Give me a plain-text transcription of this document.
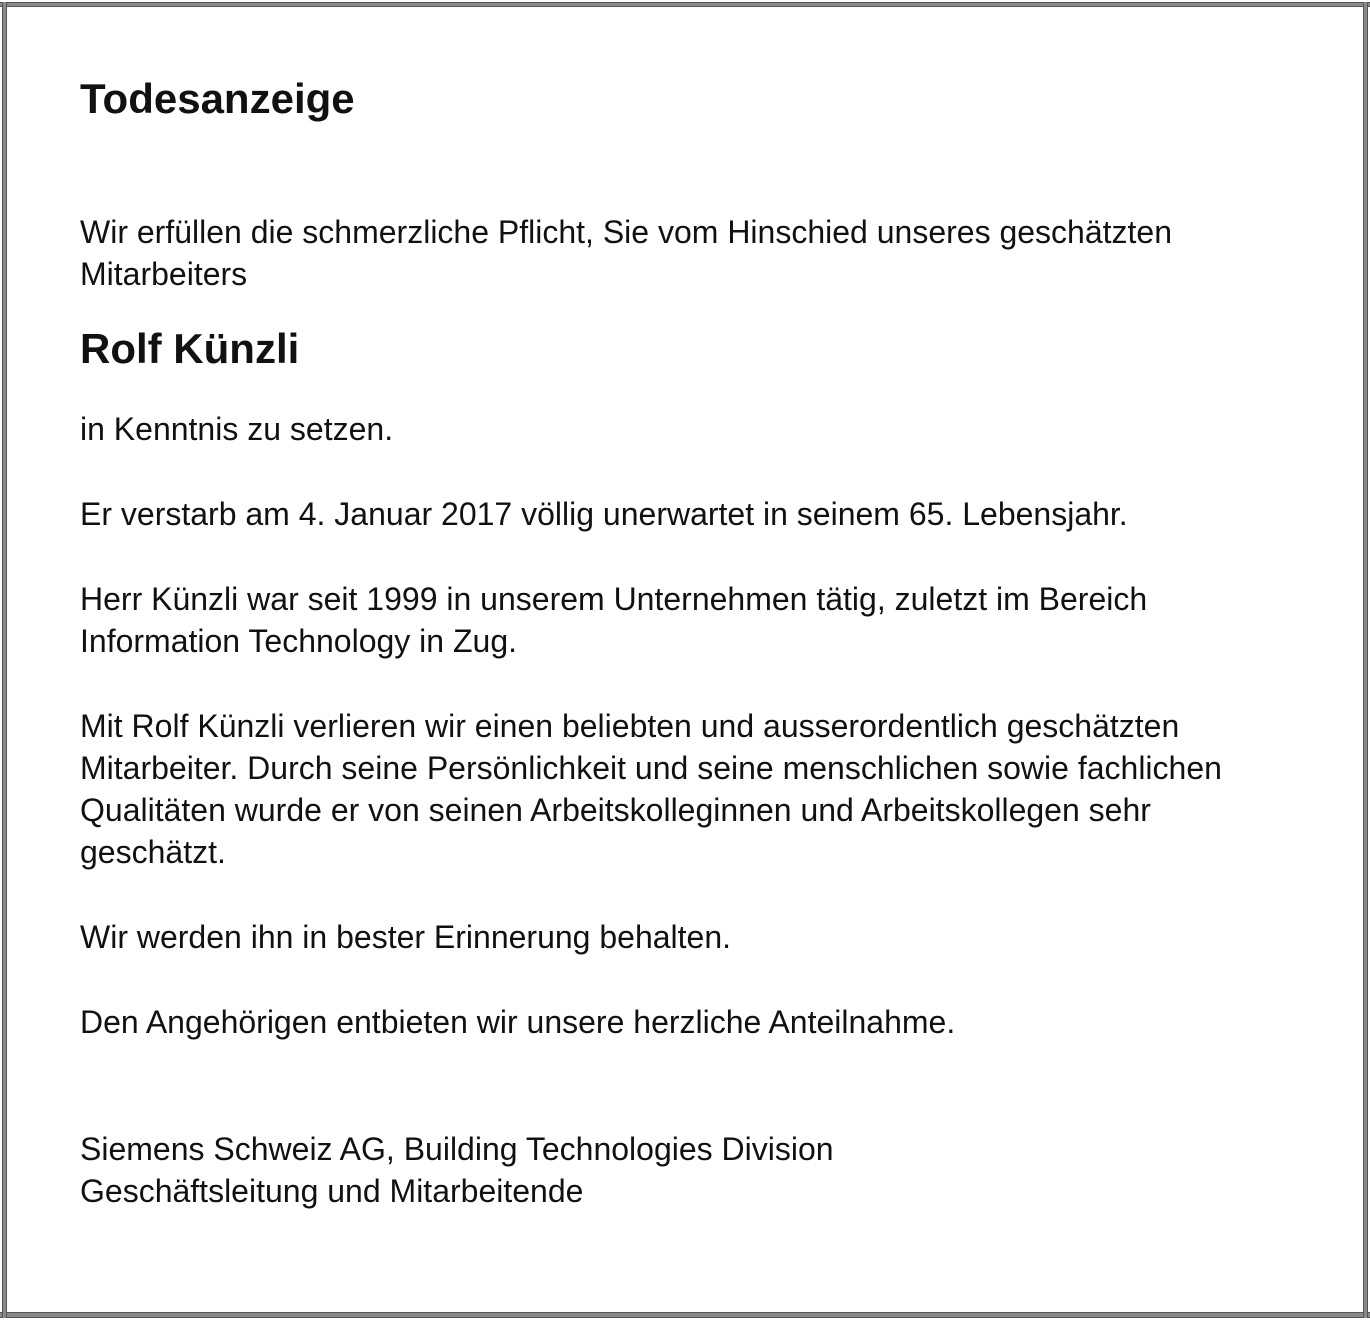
Todesanzeige

Wir erfüllen die schmerzliche Pflicht, Sie vom Hinschied unseres geschätzten Mitarbeiters

Rolf Künzli

in Kenntnis zu setzen.

Er verstarb am 4. Januar 2017 völlig unerwartet in seinem 65. Lebensjahr.

Herr Künzli war seit 1999 in unserem Unternehmen tätig, zuletzt im Bereich Information Technology in Zug.

Mit Rolf Künzli verlieren wir einen beliebten und ausserordentlich geschätzten Mitarbeiter. Durch seine Persönlichkeit und seine menschlichen sowie fachlichen Qualitäten wurde er von seinen Arbeitskolleginnen und Arbeitskollegen sehr geschätzt.

Wir werden ihn in bester Erinnerung behalten.

Den Angehörigen entbieten wir unsere herzliche Anteilnahme.

Siemens Schweiz AG, Building Technologies Division
Geschäftsleitung und Mitarbeitende
